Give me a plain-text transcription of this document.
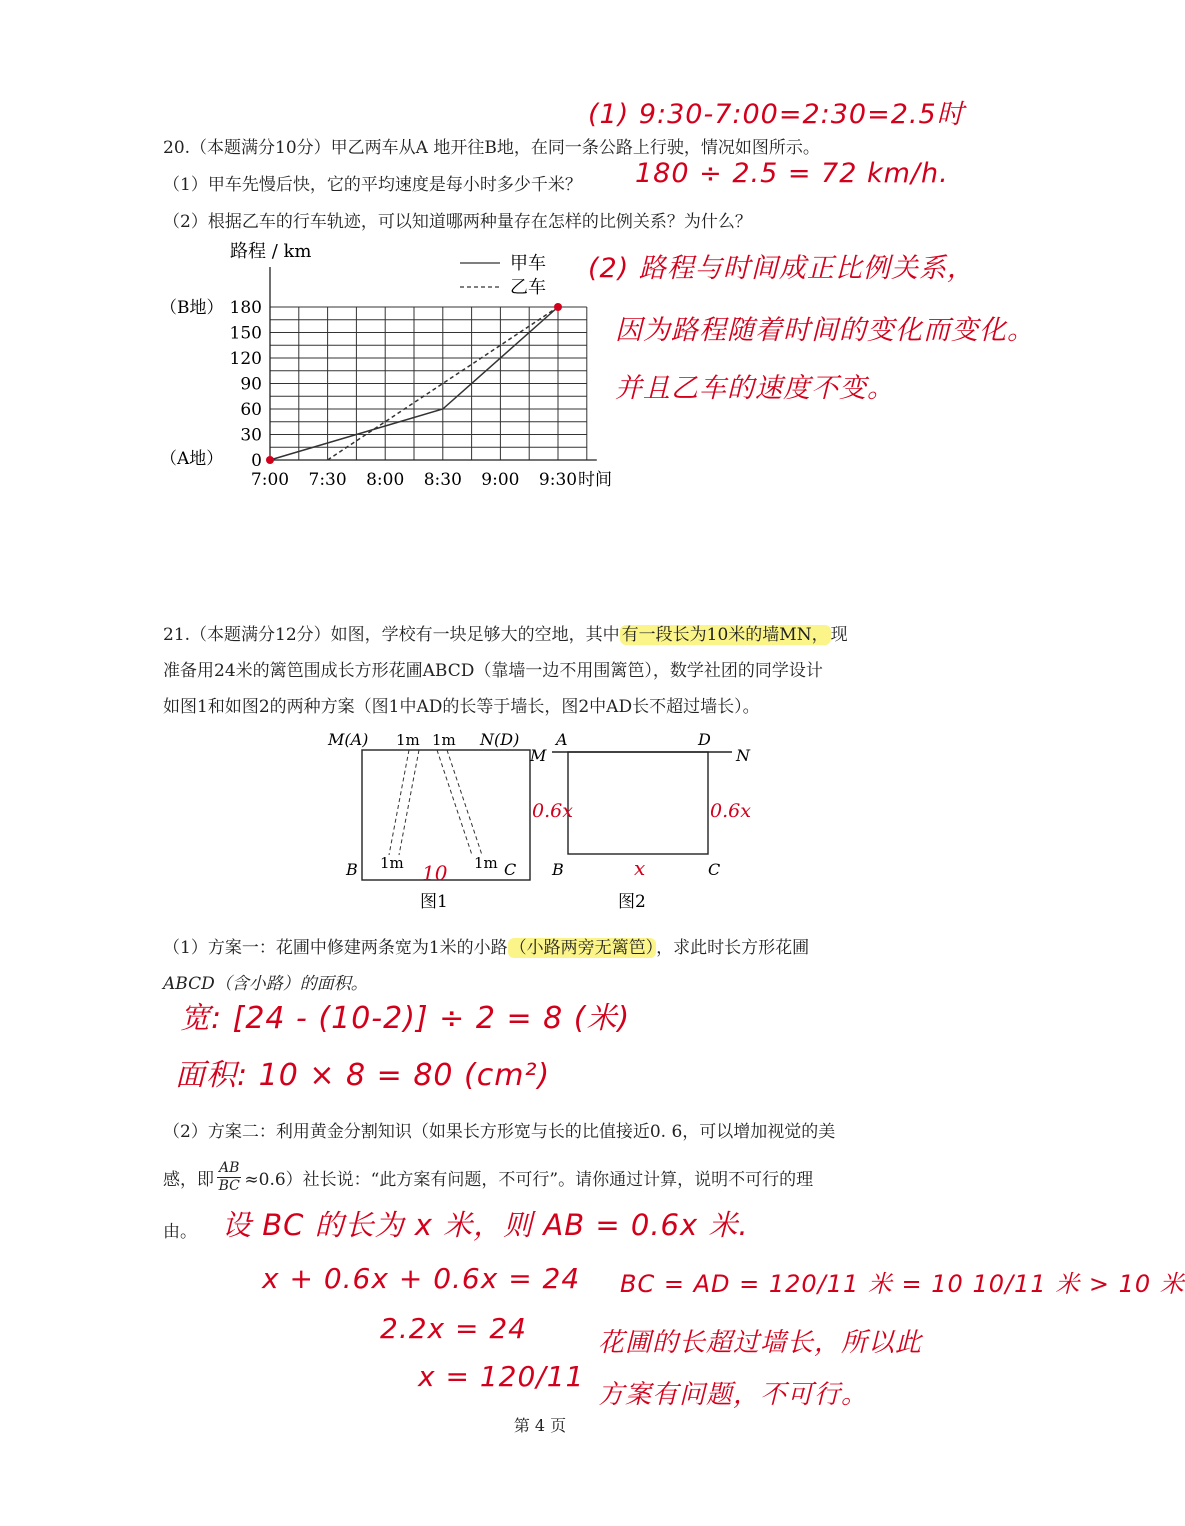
(1) 9:30-7:00=2:30=2.5时
20.（本题满分10分）甲乙两车从A 地开往B地，在同一条公路上行驶，情况如图所示。
（1）甲车先慢后快，它的平均速度是每小时多少千米？ 180 ÷ 2.5 = 72 km/h.
（2）根据乙车的行车轨迹，可以知道哪两种量存在怎样的比例关系？为什么？
0
30
60
90
120
150
180
7:00 7:30 8:00 8:30 9:00 9:30
路程 / km
时间
（B地）
（A地）
甲车
乙车
(2) 路程与时间成正比例关系，
因为路程随着时间的变化而变化。
并且乙车的速度不变。
21.（本题满分12分）如图，学校有一块足够大的空地，其中 有一段长为10米的墙MN， 现
准备用24米的篱笆围成长方形花圃ABCD（靠墙一边不用围篱笆），数学社团的同学设计
如图1和如图2的两种方案（图1中AD的长等于墙长，图2中AD长不超过墙长）。
M(A) 1m 1m N(D)
B 1m	1m C
10
图1
A	D
M	N
B	C
0.6x	0.6x
x
图2
（1）方案一：花圃中修建两条宽为1米的小路 （小路两旁无篱笆） ，求此时长方形花圃
ABCD（含小路）的面积。
宽: [24 - (10-2)] ÷ 2 = 8 (米)
面积: 10 × 8 = 80 (cm²)
（2）方案二：利用黄金分割知识（如果长方形宽与长的比值接近0. 6，可以增加视觉的美
感，即 $\frac{AB}{BC} \approx 0.6$）社长说：“此方案有问题，不可行”。请你通过计算，说明不可行的理
由。 设 BC 的长为 x 米，则 AB = 0.6x 米.
x + 0.6x + 0.6x = 24
2.2x = 24
x = 120/11
BC = AD = 120/11 米 = 10 10/11 米 > 10 米
花圃的长超过墙长，所以此
方案有问题，不可行。
第 4 页
